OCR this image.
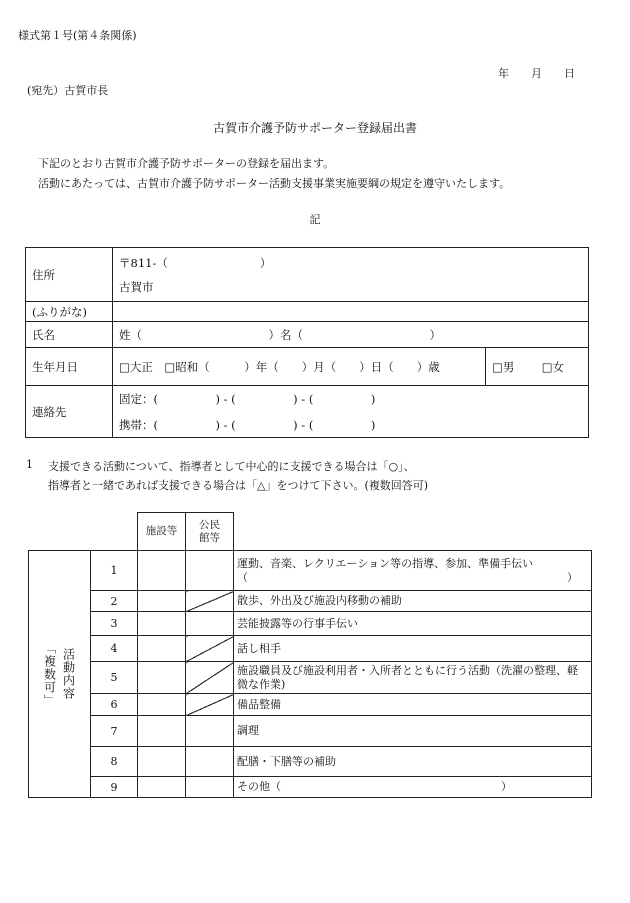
様式第１号(第４条関係)
年　　月　　日
(宛先）古賀市長
古賀市介護予防サポーター登録届出書
下記のとおり古賀市介護予防サポーターの登録を届出ます。
活動にあたっては、古賀市介護予防サポーター活動支援事業実施要綱の規定を遵守いたします。
記
住所	〒811-（　　　　　　　　）
古賀市	

(ふりがな)		
氏名	姓（　　　　　　　　　　　）名（　　　　　　　　　　　）	
生年月日	□大正　□昭和（　　　）年（　　）月（　　）日（　　）歳	□男 □女
連絡先	固定：(　　　　　) - (　　　　　) - (　　　　　)
携帯：(　　　　　) - (　　　　　) - (　　　　　)	
1 支援できる活動について、指導者として中心的に支援できる場合は「○」、
指導者と一緒であれば支援できる場合は「△」をつけて下さい。(複数回答可)
		施設等	公民
館等	

活動内容
「複数可」	1			運動、音楽、レクリエーション等の指導、参加、準備手伝い（　　　　　　　　　　　　　　　　　　　　　　　　　　　　　）
	2			散歩、外出及び施設内移動の補助
	3			芸能披露等の行事手伝い
	4			話し相手
	5			施設職員及び施設利用者・入所者とともに行う活動（洗濯の整理、軽微な作業)
	6			備品整備
	7			調理
	8			配膳・下膳等の補助
	9			その他（　　　　　　　　　　　　　　　　　　　　）
